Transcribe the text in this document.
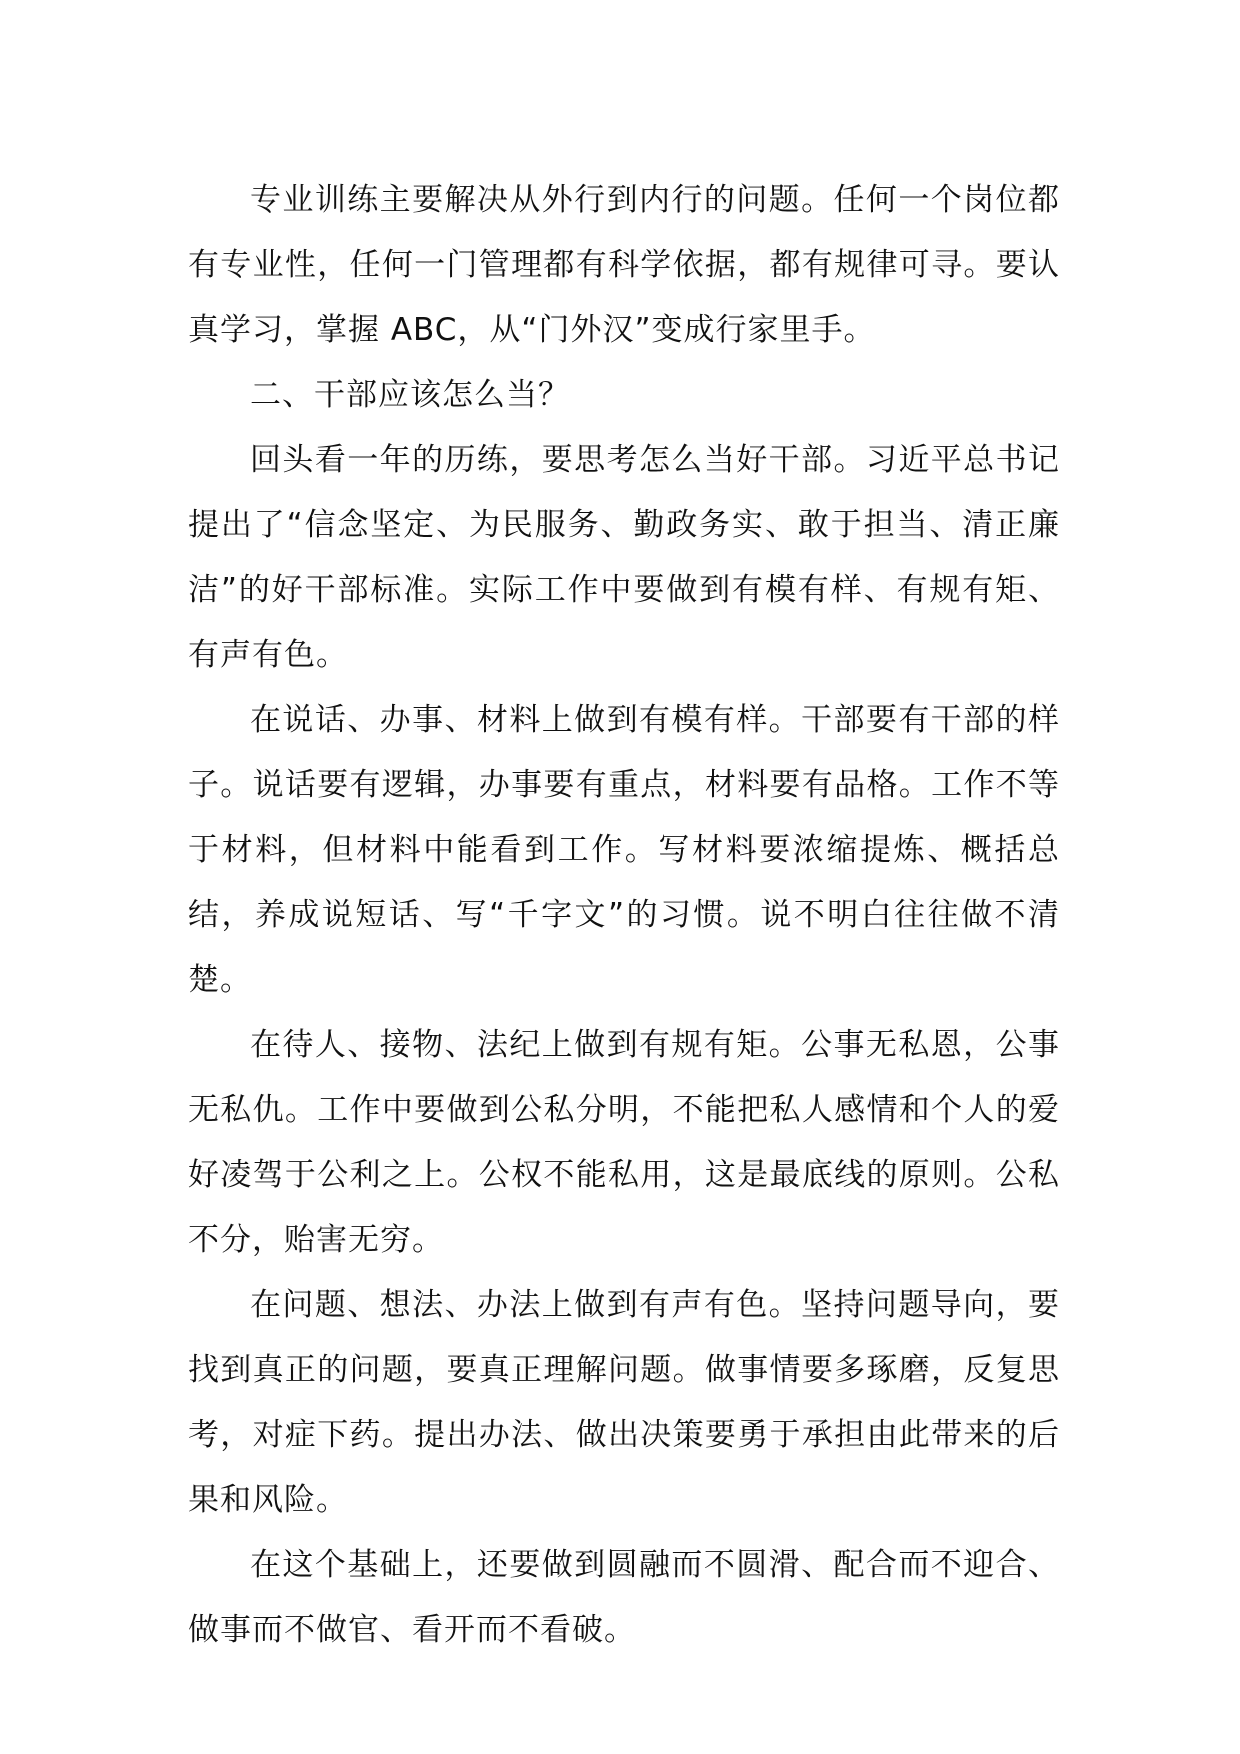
专业训练主要解决从外行到内行的问题。任何一个岗位都有专业性，任何一门管理都有科学依据，都有规律可寻。要认真学习，掌握 ABC，从“门外汉”变成行家里手。

二、干部应该怎么当？

回头看一年的历练，要思考怎么当好干部。习近平总书记提出了“信念坚定、为民服务、勤政务实、敢于担当、清正廉洁”的好干部标准。实际工作中要做到有模有样、有规有矩、有声有色。

在说话、办事、材料上做到有模有样。干部要有干部的样子。说话要有逻辑，办事要有重点，材料要有品格。工作不等于材料，但材料中能看到工作。写材料要浓缩提炼、概括总结，养成说短话、写“千字文”的习惯。说不明白往往做不清楚。

在待人、接物、法纪上做到有规有矩。公事无私恩，公事无私仇。工作中要做到公私分明，不能把私人感情和个人的爱好凌驾于公利之上。公权不能私用，这是最底线的原则。公私不分，贻害无穷。

在问题、想法、办法上做到有声有色。坚持问题导向，要找到真正的问题，要真正理解问题。做事情要多琢磨，反复思考，对症下药。提出办法、做出决策要勇于承担由此带来的后果和风险。

在这个基础上，还要做到圆融而不圆滑、配合而不迎合、做事而不做官、看开而不看破。
